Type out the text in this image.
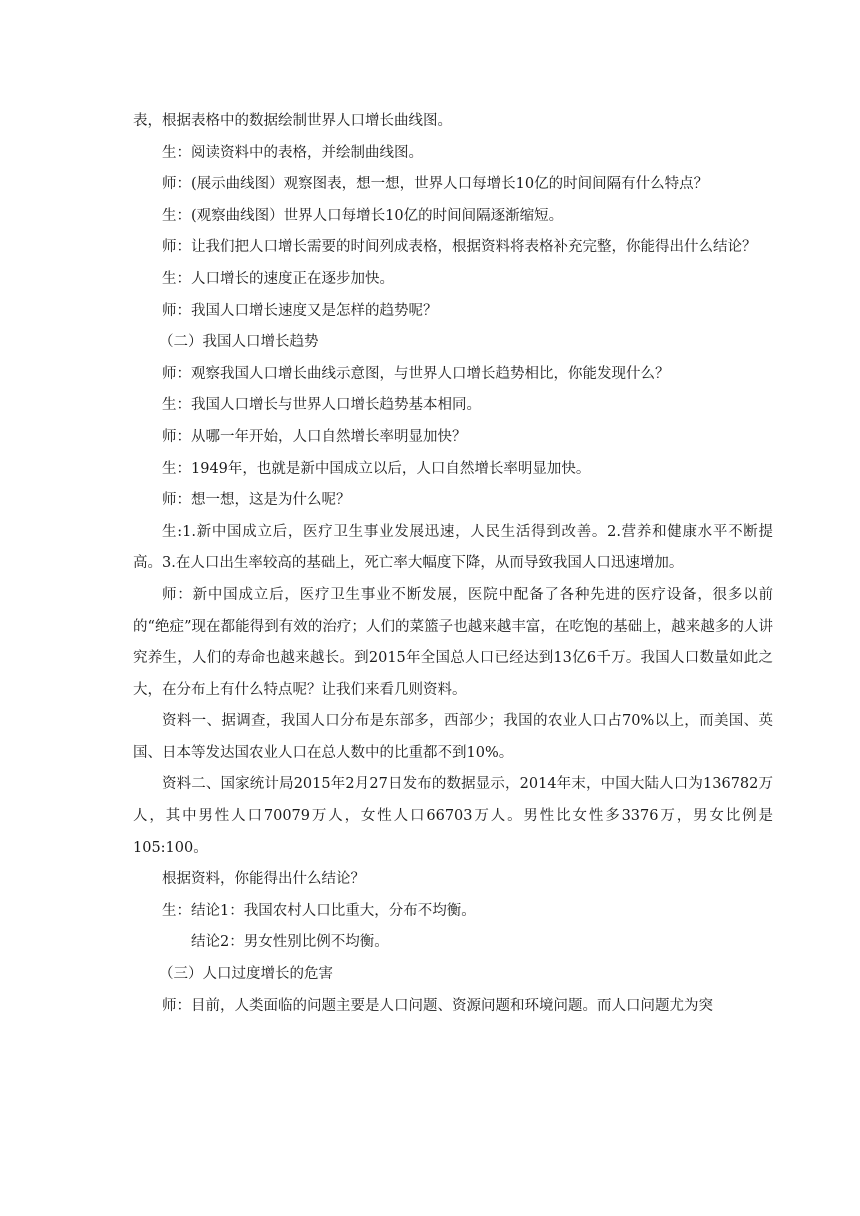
表，根据表格中的数据绘制世界人口增长曲线图。

生：阅读资料中的表格，并绘制曲线图。

师：(展示曲线图）观察图表，想一想，世界人口每增长10亿的时间间隔有什么特点？

生：(观察曲线图）世界人口每增长10亿的时间间隔逐渐缩短。

师：让我们把人口增长需要的时间列成表格，根据资料将表格补充完整，你能得出什么结论？

生：人口增长的速度正在逐步加快。

师：我国人口增长速度又是怎样的趋势呢？

（二）我国人口增长趋势

师：观察我国人口增长曲线示意图，与世界人口增长趋势相比，你能发现什么？

生：我国人口增长与世界人口增长趋势基本相同。

师：从哪一年开始，人口自然增长率明显加快？

生：1949年，也就是新中国成立以后，人口自然增长率明显加快。

师：想一想，这是为什么呢？

生:1.新中国成立后，医疗卫生事业发展迅速，人民生活得到改善。2.营养和健康水平不断提高。3.在人口出生率较高的基础上，死亡率大幅度下降，从而导致我国人口迅速增加。

师：新中国成立后，医疗卫生事业不断发展，医院中配备了各种先进的医疗设备，很多以前的“绝症”现在都能得到有效的治疗；人们的菜篮子也越来越丰富，在吃饱的基础上，越来越多的人讲究养生，人们的寿命也越来越长。到2015年全国总人口已经达到13亿6千万。我国人口数量如此之大，在分布上有什么特点呢？让我们来看几则资料。

资料一、据调查，我国人口分布是东部多，西部少；我国的农业人口占70%以上，而美国、英国、日本等发达国农业人口在总人数中的比重都不到10%。

资料二、国家统计局2015年2月27日发布的数据显示，2014年末，中国大陆人口为136782万人，其中男性人口70079万人，女性人口66703万人。男性比女性多3376万，男女比例是105:100。

根据资料，你能得出什么结论？

生：结论1：我国农村人口比重大，分布不均衡。

结论2：男女性别比例不均衡。

（三）人口过度增长的危害

师：目前，人类面临的问题主要是人口问题、资源问题和环境问题。而人口问题尤为突
